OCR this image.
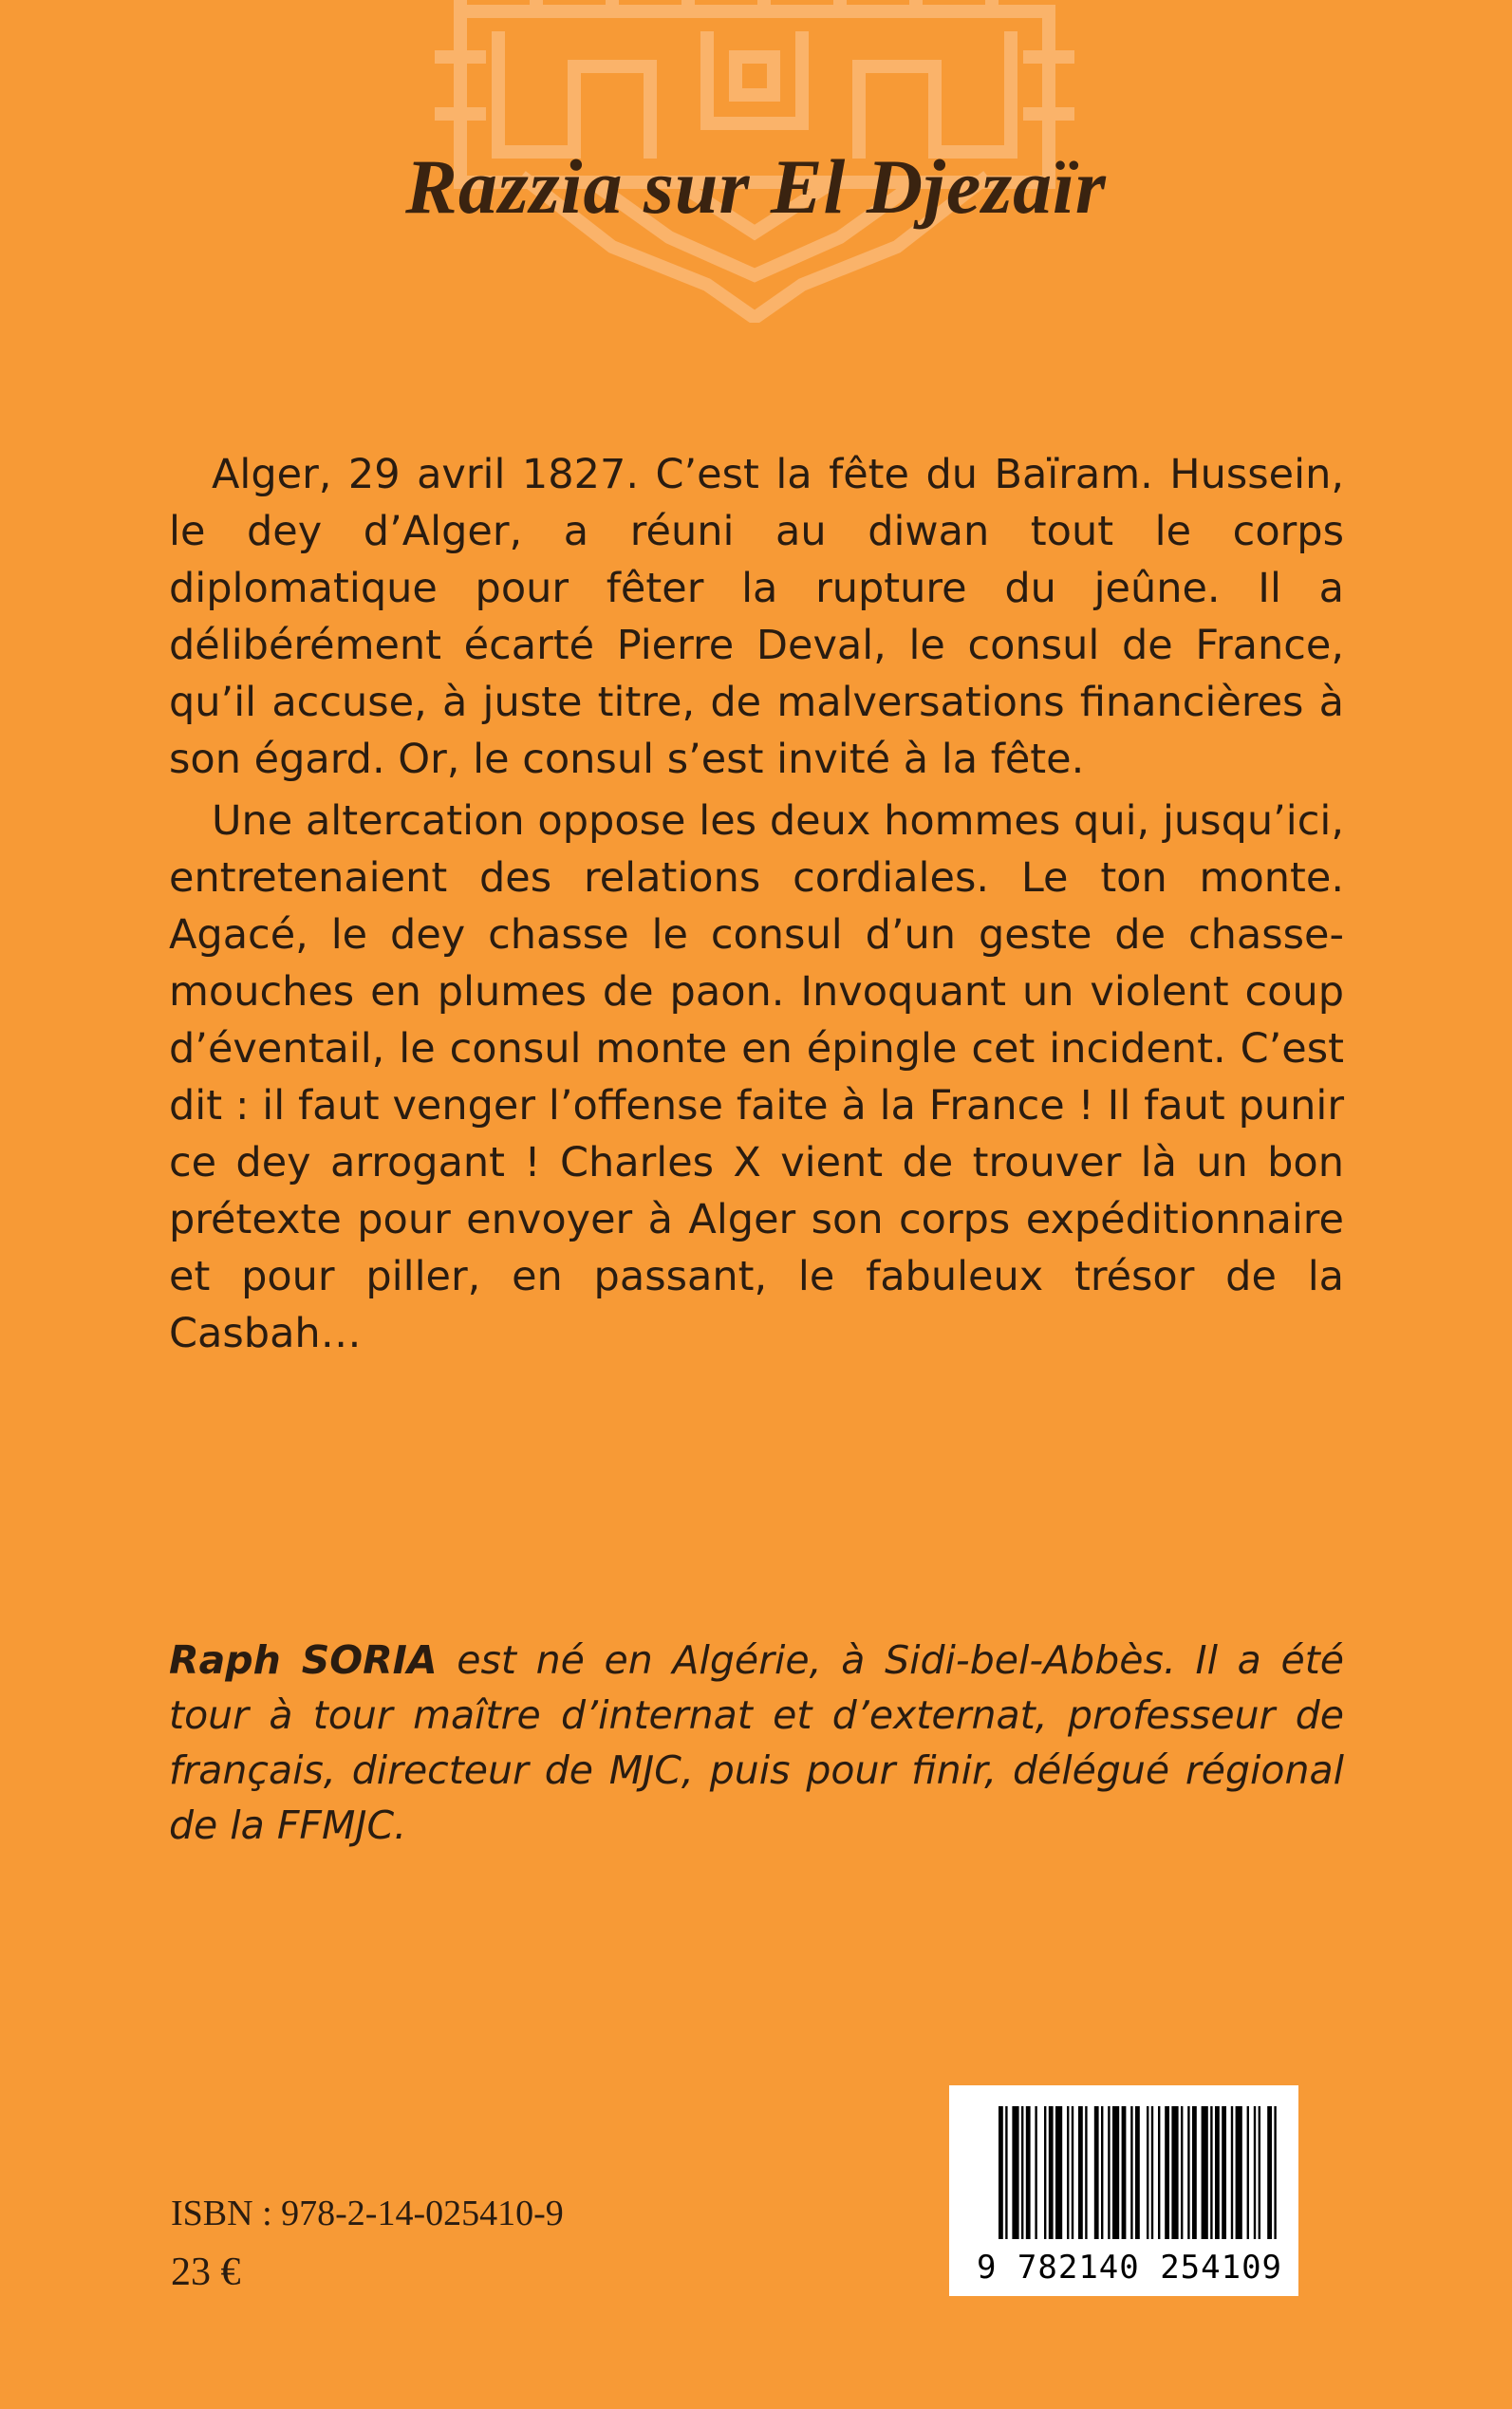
Razzia sur El Djezaïr

Alger, 29 avril 1827. C’est la fête du Baïram. Hussein, le dey d’Alger, a réuni au diwan tout le corps diplomatique pour fêter la rupture du jeûne. Il a délibérément écarté Pierre Deval, le consul de France, qu’il accuse, à juste titre, de malversations financières à son égard. Or, le consul s’est invité à la fête.

Une altercation oppose les deux hommes qui, jusqu’ici, entretenaient des relations cordiales. Le ton monte. Agacé, le dey chasse le consul d’un geste de chasse-mouches en plumes de paon. Invoquant un violent coup d’éventail, le consul monte en épingle cet incident. C’est dit : il faut venger l’offense faite à la France ! Il faut punir ce dey arrogant ! Charles X vient de trouver là un bon prétexte pour envoyer à Alger son corps expéditionnaire et pour piller, en passant, le fabuleux trésor de la Casbah…

Raph SORIA est né en Algérie, à Sidi-bel-Abbès. Il a été tour à tour maître d’internat et d’externat, professeur de français, directeur de MJC, puis pour finir, délégué régional de la FFMJC.
ISBN : 978-2-14-025410-9
23 €	9 782140 254109
